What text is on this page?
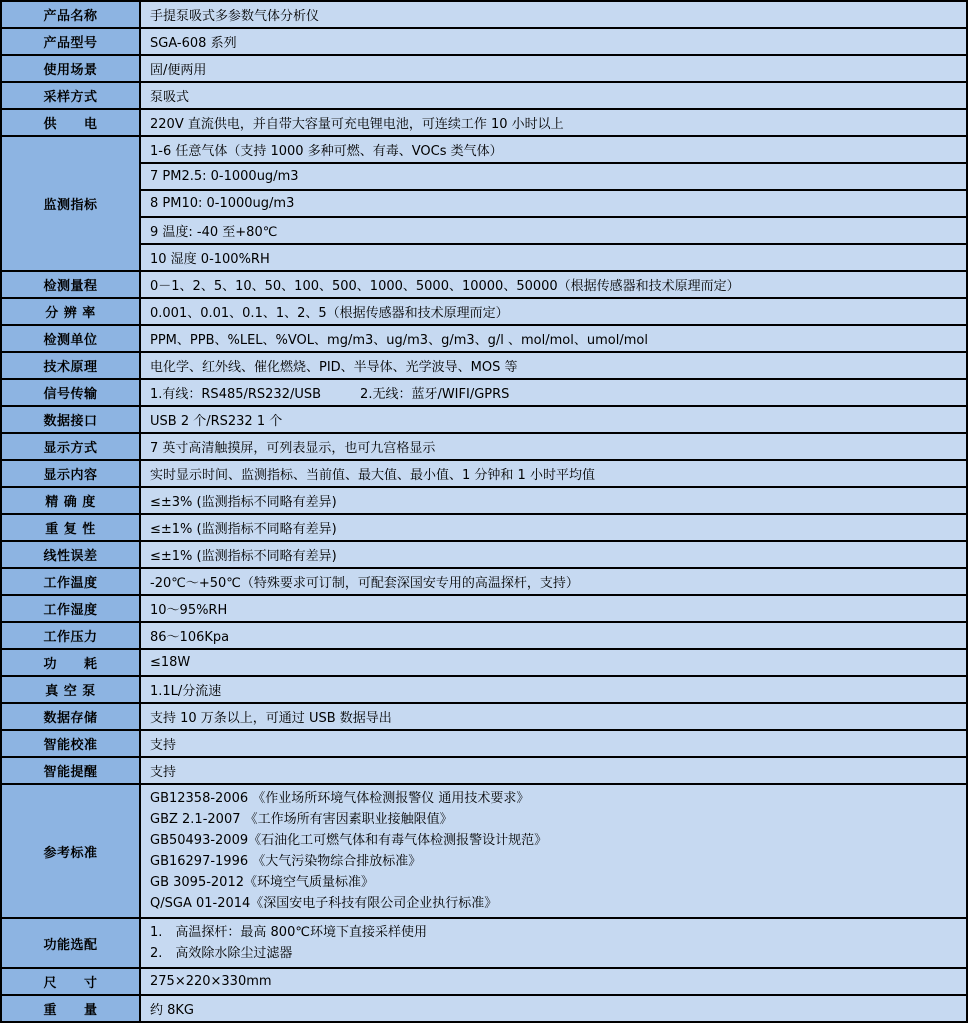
产品名称	手提泵吸式多参数气体分析仪
产品型号	SGA-608 系列
使用场景	固/便两用
采样方式	泵吸式
供　　电	220V 直流供电，并自带大容量可充电锂电池，可连续工作 10 小时以上
监测指标	1-6 任意气体（支持 1000 多种可燃、有毒、VOCs 类气体）
	7 PM2.5: 0-1000ug/m3
	8 PM10: 0-1000ug/m3
	9 温度: -40 至+80℃
	10 湿度 0-100%RH
检测量程	0－1、2、5、10、50、100、500、1000、5000、10000、50000（根据传感器和技术原理而定）
分 辨 率	0.001、0.01、0.1、1、2、5（根据传感器和技术原理而定）
检测单位	PPM、PPB、%LEL、%VOL、mg/m3、ug/m3、g/m3、g/l 、mol/mol、umol/mol
技术原理	电化学、红外线、催化燃烧、PID、半导体、光学波导、MOS 等
信号传输	1.有线：RS485/RS232/USB　　　2.无线：蓝牙/WIFI/GPRS
数据接口	USB 2 个/RS232 1 个
显示方式	7 英寸高清触摸屏，可列表显示，也可九宫格显示
显示内容	实时显示时间、监测指标、当前值、最大值、最小值、1 分钟和 1 小时平均值
精 确 度	≤±3% (监测指标不同略有差异)
重 复 性	≤±1% (监测指标不同略有差异)
线性误差	≤±1% (监测指标不同略有差异)
工作温度	-20℃～+50℃（特殊要求可订制，可配套深国安专用的高温探杆，支持）
工作湿度	10～95%RH
工作压力	86～106Kpa
功　　耗	≤18W
真 空 泵	1.1L/分流速
数据存储	支持 10 万条以上，可通过 USB 数据导出
智能校准	支持
智能提醒	支持
参考标准	
GB12358-2006 《作业场所环境气体检测报警仪 通用技术要求》
GBZ 2.1-2007 《工作场所有害因素职业接触限值》
GB50493-2009《石油化工可燃气体和有毒气体检测报警设计规范》
GB16297-1996 《大气污染物综合排放标准》
GB 3095-2012《环境空气质量标准》
Q/SGA 01-2014《深国安电子科技有限公司企业执行标准》

功能选配	1.　高温探杆：最高 800℃环境下直接采样使用
2.　高效除水除尘过滤器

尺　　寸	275×220×330mm
重　　量	约 8KG
